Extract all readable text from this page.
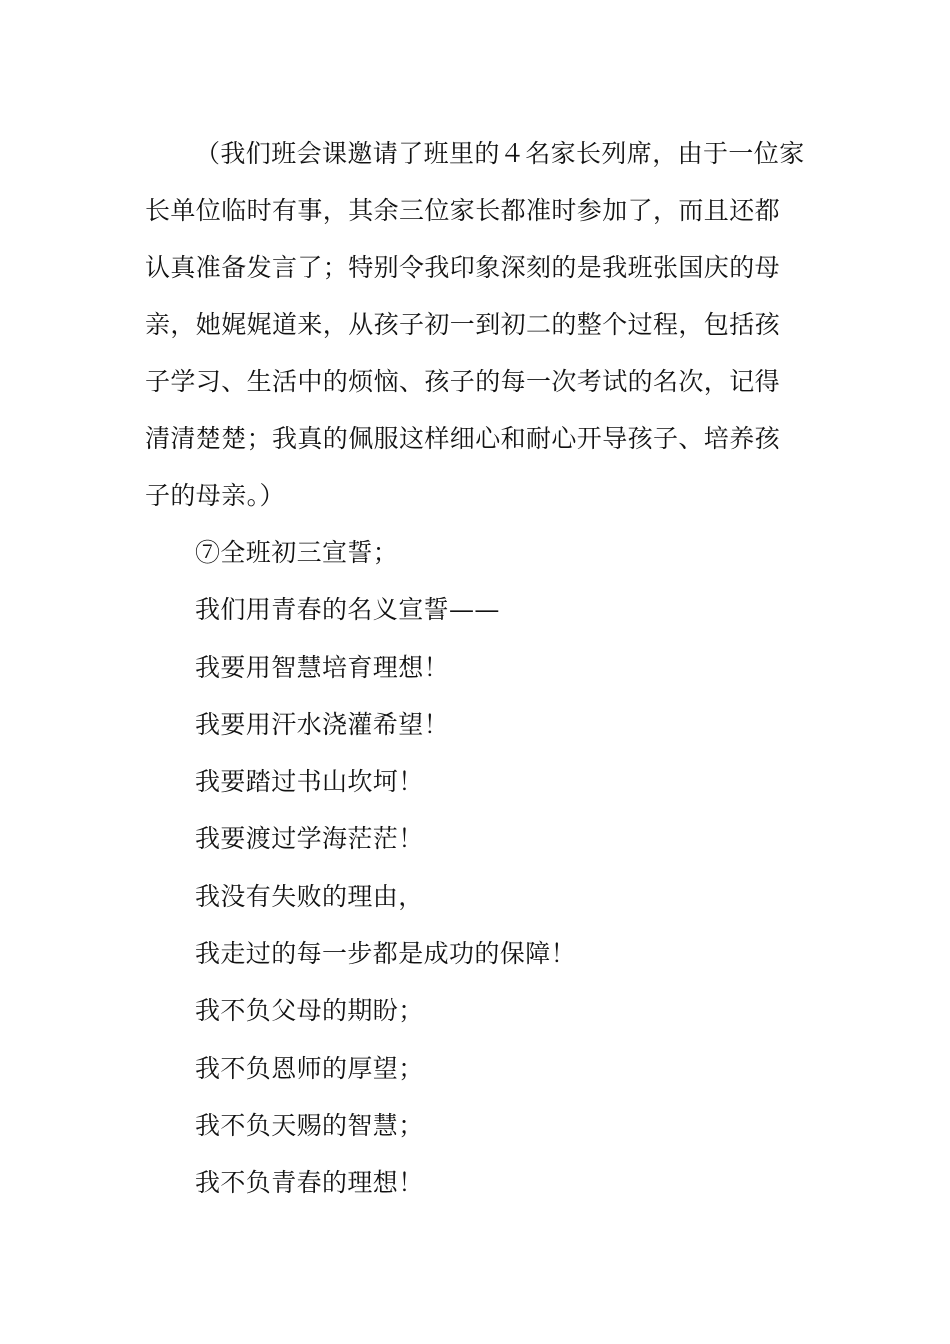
（我们班会课邀请了班里的４名家长列席，由于一位家
长单位临时有事，其余三位家长都准时参加了，而且还都
认真准备发言了；特别令我印象深刻的是我班张国庆的母
亲，她娓娓道来，从孩子初一到初二的整个过程，包括孩
子学习、生活中的烦恼、孩子的每一次考试的名次，记得
清清楚楚；我真的佩服这样细心和耐心开导孩子、培养孩
子的母亲。）
⑦全班初三宣誓；
我们用青春的名义宣誓——
我要用智慧培育理想！
我要用汗水浇灌希望！
我要踏过书山坎坷！
我要渡过学海茫茫！
我没有失败的理由，
我走过的每一步都是成功的保障！
我不负父母的期盼；
我不负恩师的厚望；
我不负天赐的智慧；
我不负青春的理想！
